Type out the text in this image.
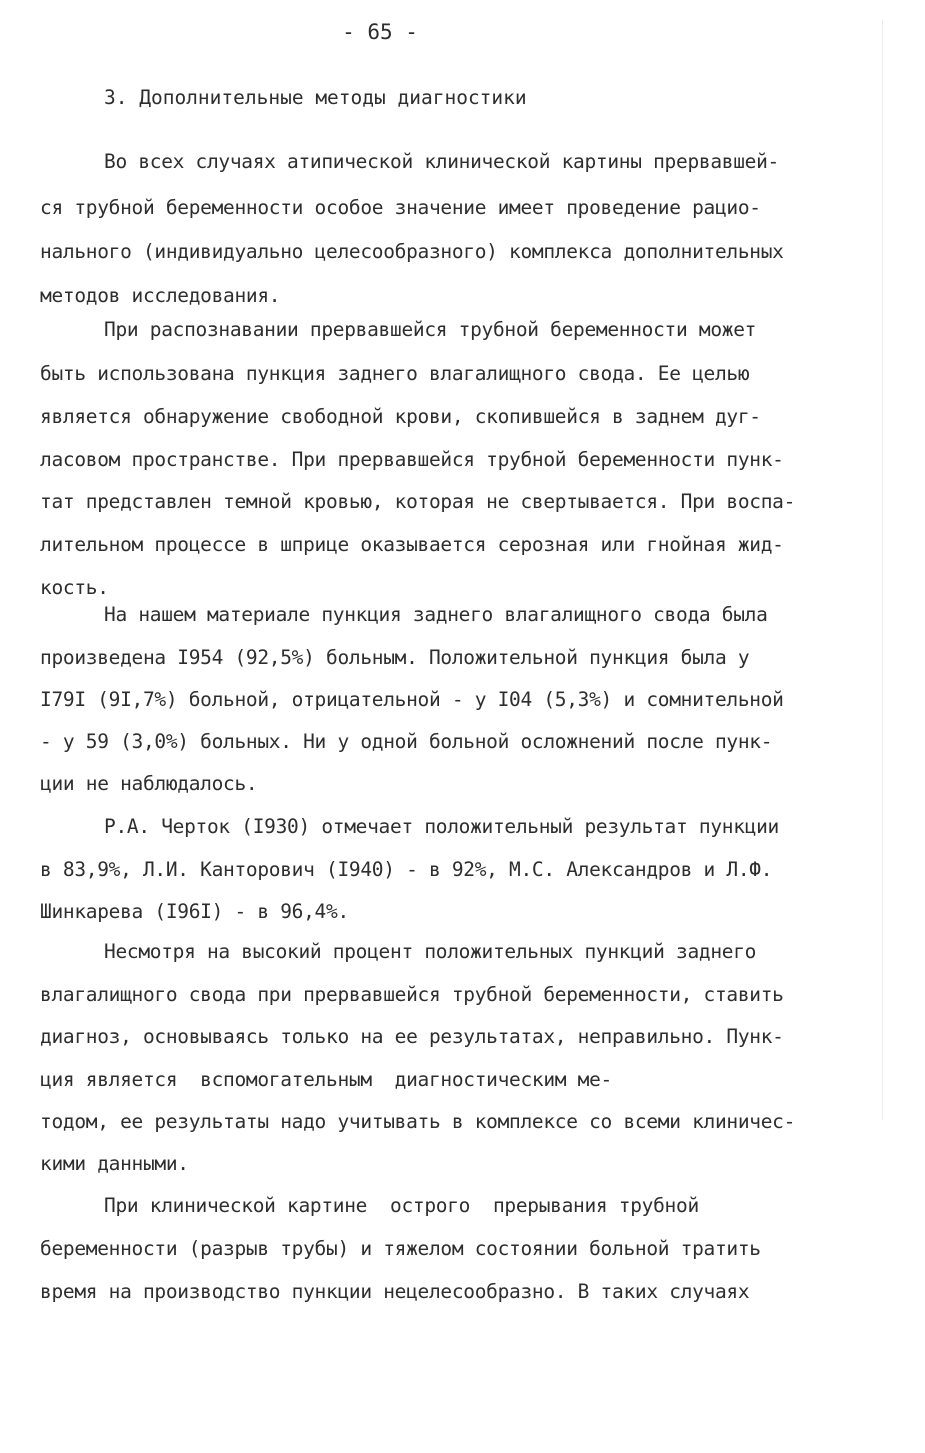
- 65 -
3. Дополнительные методы диагностики
Во всех случаях атипической клинической картины прервавшей-
ся трубной беременности особое значение имеет проведение рацио-
нального (индивидуально целесообразного) комплекса дополнительных
методов исследования.
При распознавании прервавшейся трубной беременности может
быть использована пункция заднего влагалищного свода. Ее целью
является обнаружение свободной крови, скопившейся в заднем дуг-
ласовом пространстве. При прервавшейся трубной беременности пунк-
тат представлен темной кровью, которая не свертывается. При воспа-
лительном процессе в шприце оказывается серозная или гнойная жид-
кость.
На нашем материале пункция заднего влагалищного свода была
произведена I954 (92,5%) больным. Положительной пункция была у
I79I (9I,7%) больной, отрицательной - у I04 (5,3%) и сомнительной
- у 59 (3,0%) больных. Ни у одной больной осложнений после пунк-
ции не наблюдалось.
Р.А. Черток (I930) отмечает положительный результат пункции
в 83,9%, Л.И. Канторович (I940) - в 92%, М.С. Александров и Л.Ф.
Шинкарева (I96I) - в 96,4%.
Несмотря на высокий процент положительных пункций заднего
влагалищного свода при прервавшейся трубной беременности, ставить
диагноз, основываясь только на ее результатах, неправильно. Пунк-
ция является  вспомогательным  диагностическим ме-
тодом, ее результаты надо учитывать в комплексе со всеми клиничес-
кими данными.
При клинической картине  острого  прерывания трубной
беременности (разрыв трубы) и тяжелом состоянии больной тратить
время на производство пункции нецелесообразно. В таких случаях
